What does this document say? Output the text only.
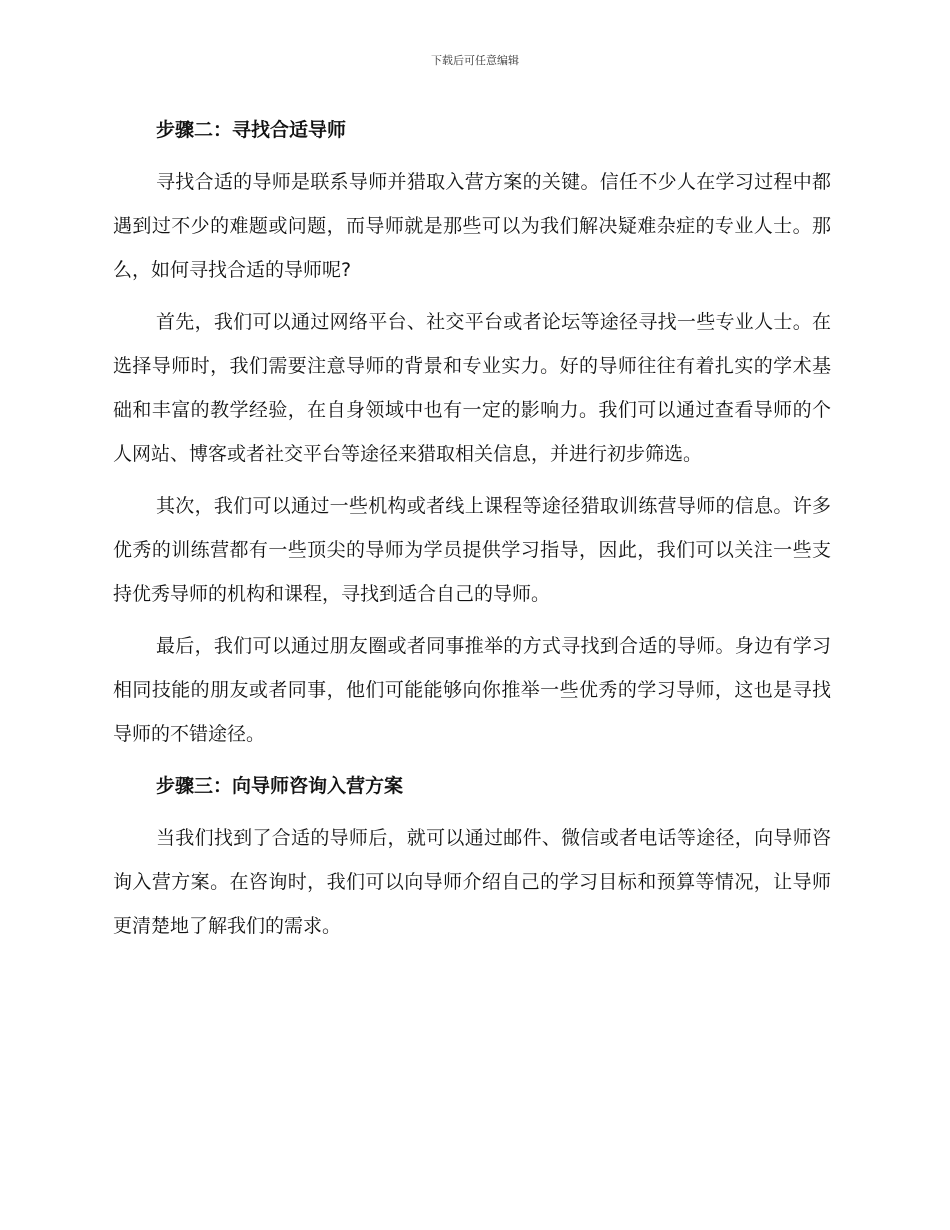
下载后可任意编辑
步骤二：寻找合适导师

寻找合适的导师是联系导师并猎取入营方案的关键。信任不少人在学习过程中都遇到过不少的难题或问题，而导师就是那些可以为我们解决疑难杂症的专业人士。那么，如何寻找合适的导师呢?

首先，我们可以通过网络平台、社交平台或者论坛等途径寻找一些专业人士。在选择导师时，我们需要注意导师的背景和专业实力。好的导师往往有着扎实的学术基础和丰富的教学经验，在自身领域中也有一定的影响力。我们可以通过查看导师的个人网站、博客或者社交平台等途径来猎取相关信息，并进行初步筛选。

其次，我们可以通过一些机构或者线上课程等途径猎取训练营导师的信息。许多优秀的训练营都有一些顶尖的导师为学员提供学习指导，因此，我们可以关注一些支持优秀导师的机构和课程，寻找到适合自己的导师。

最后，我们可以通过朋友圈或者同事推举的方式寻找到合适的导师。身边有学习相同技能的朋友或者同事，他们可能能够向你推举一些优秀的学习导师，这也是寻找导师的不错途径。

步骤三：向导师咨询入营方案

当我们找到了合适的导师后，就可以通过邮件、微信或者电话等途径，向导师咨询入营方案。在咨询时，我们可以向导师介绍自己的学习目标和预算等情况，让导师更清楚地了解我们的需求。
